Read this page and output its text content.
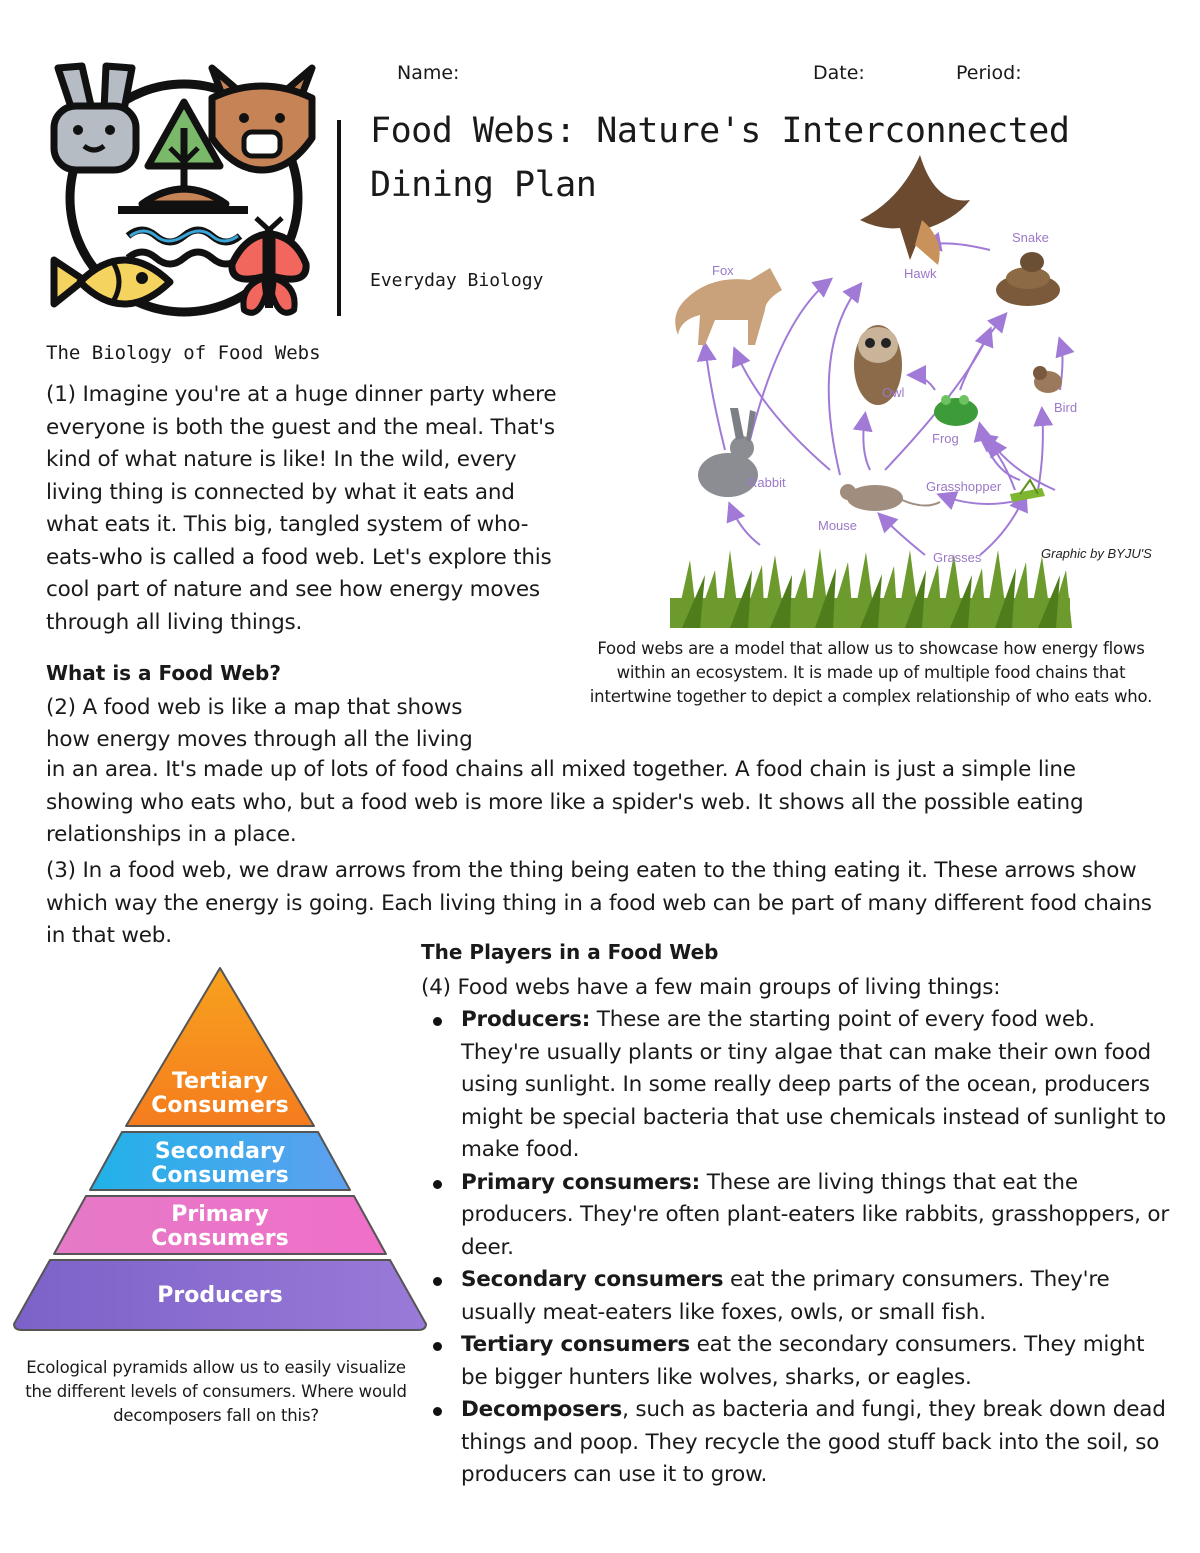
Name:	Date:	Period:
Food Webs: Nature's Interconnected
Dining Plan
Everyday Biology
The Biology of Food Webs

(1) Imagine you're at a huge dinner party where everyone is both the guest and the meal. That's kind of what nature is like! In the wild, every living thing is connected by what it eats and what eats it. This big, tangled system of who-eats-who is called a food web. Let's explore this cool part of nature and see how energy moves through all living things.

Fox	Hawk
Snake
Owl
Frog
Bird
Rabbit
Mouse
Grasshopper
Grasses	Graphic by BYJU'S
Food webs are a model that allow us to showcase how energy flows within an ecosystem. It is made up of multiple food chains that intertwine together to depict a complex relationship of who eats who.
What is a Food Web?
(2) A food web is like a map that shows
how energy moves through all the living

in an area. It's made up of lots of food chains all mixed together. A food chain is just a simple line showing who eats who, but a food web is more like a spider's web. It shows all the possible eating relationships in a place.

(3) In a food web, we draw arrows from the thing being eaten to the thing eating it. These arrows show which way the energy is going. Each living thing in a food web can be part of many different food chains in that web.

Tertiary
Consumers
Secondary
Consumers
Primary
Consumers
Producers
Ecological pyramids allow us to easily visualize the different levels of consumers. Where would decomposers fall on this?
The Players in a Food Web
(4) Food webs have a few main groups of living things:
Producers: These are the starting point of every food web. They're usually plants or tiny algae that can make their own food using sunlight. In some really deep parts of the ocean, producers might be special bacteria that use chemicals instead of sunlight to make food.
Primary consumers: These are living things that eat the producers. They're often plant-eaters like rabbits, grasshoppers, or deer.
Secondary consumers eat the primary consumers. They're usually meat-eaters like foxes, owls, or small fish.
Tertiary consumers eat the secondary consumers. They might be bigger hunters like wolves, sharks, or eagles.
Decomposers, such as bacteria and fungi, they break down dead things and poop. They recycle the good stuff back into the soil, so producers can use it to grow.
